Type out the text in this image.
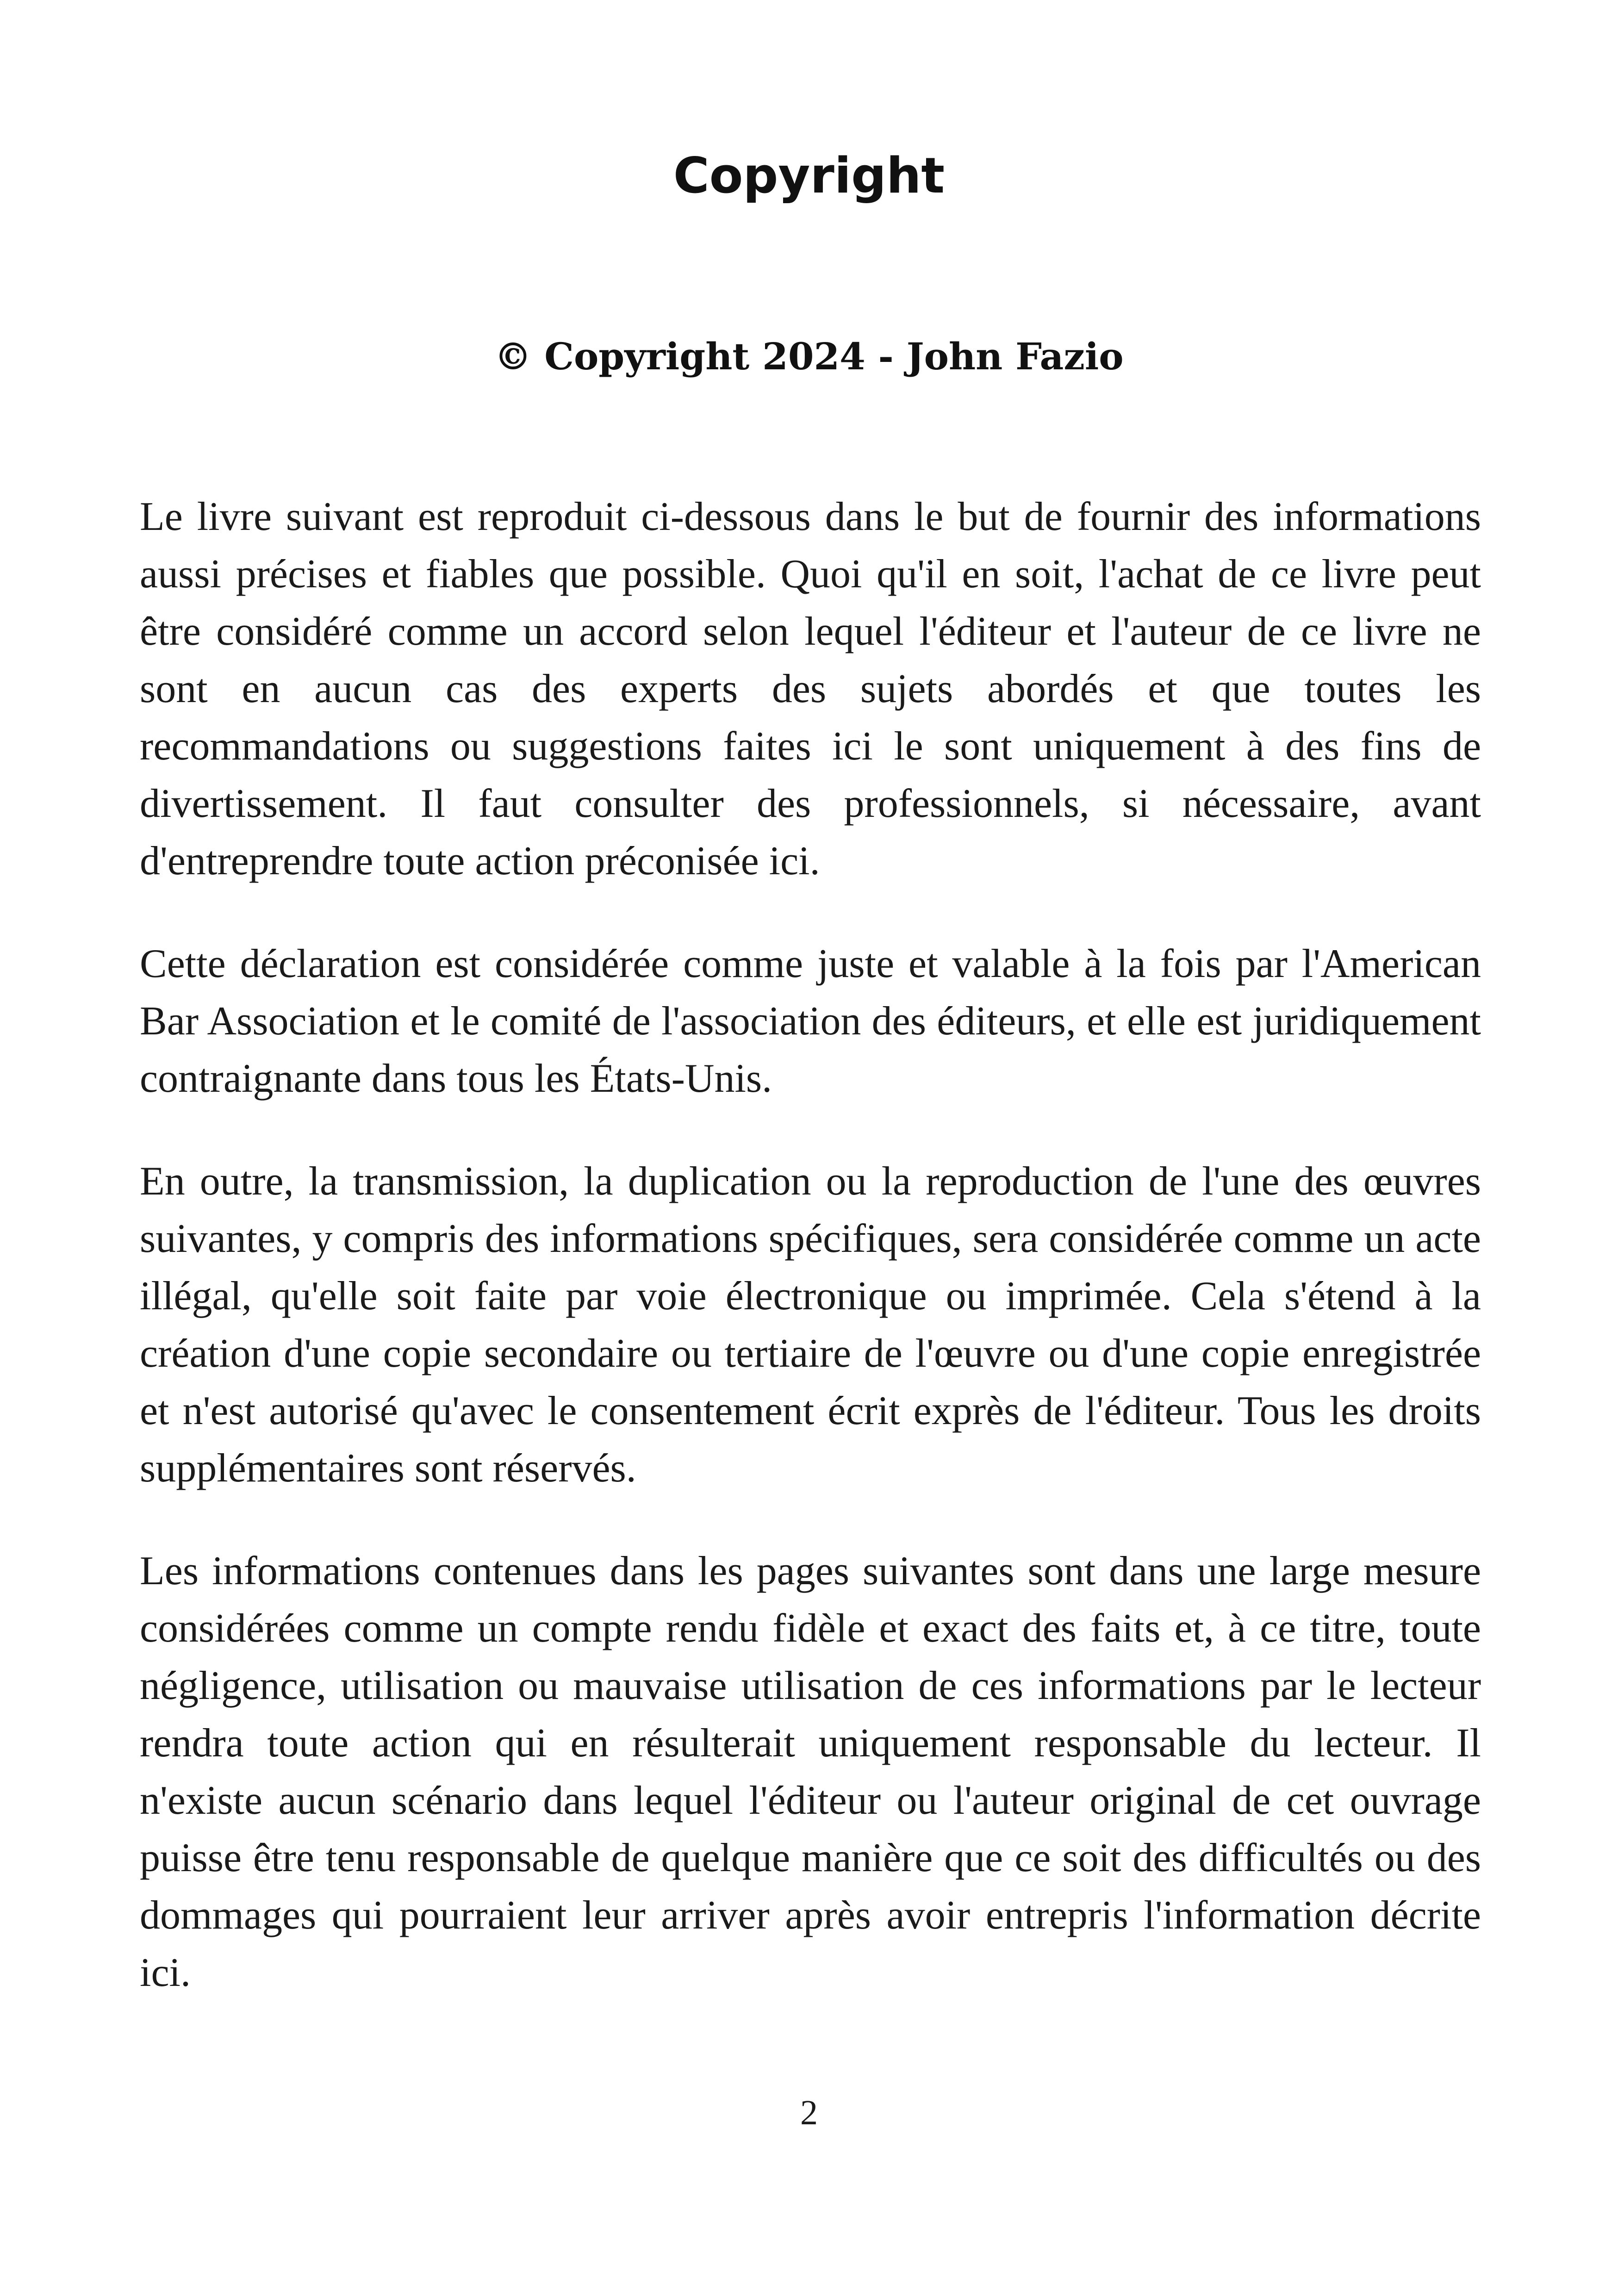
Copyright
© Copyright 2024 - John Fazio

Le livre suivant est reproduit ci-dessous dans le but de fournir des informations aussi précises et fiables que possible. Quoi qu'il en soit, l'achat de ce livre peut être considéré comme un accord selon lequel l'éditeur et l'auteur de ce livre ne sont en aucun cas des experts des sujets abordés et que toutes les recommandations ou suggestions faites ici le sont uniquement à des fins de divertissement. Il faut consulter des professionnels, si nécessaire, avant d'entreprendre toute action préconisée ici.

Cette déclaration est considérée comme juste et valable à la fois par l'American Bar Association et le comité de l'association des éditeurs, et elle est juridiquement contraignante dans tous les États-Unis.

En outre, la transmission, la duplication ou la reproduction de l'une des œuvres suivantes, y compris des informations spécifiques, sera considérée comme un acte illégal, qu'elle soit faite par voie électronique ou imprimée. Cela s'étend à la création d'une copie secondaire ou tertiaire de l'œuvre ou d'une copie enregistrée et n'est autorisé qu'avec le consentement écrit exprès de l'éditeur. Tous les droits supplémentaires sont réservés.

Les informations contenues dans les pages suivantes sont dans une large mesure considérées comme un compte rendu fidèle et exact des faits et, à ce titre, toute négligence, utilisation ou mauvaise utilisation de ces informations par le lecteur rendra toute action qui en résulterait uniquement responsable du lecteur. Il n'existe aucun scénario dans lequel l'éditeur ou l'auteur original de cet ouvrage puisse être tenu responsable de quelque manière que ce soit des difficultés ou des dommages qui pourraient leur arriver après avoir entrepris l'information décrite ici.

2
